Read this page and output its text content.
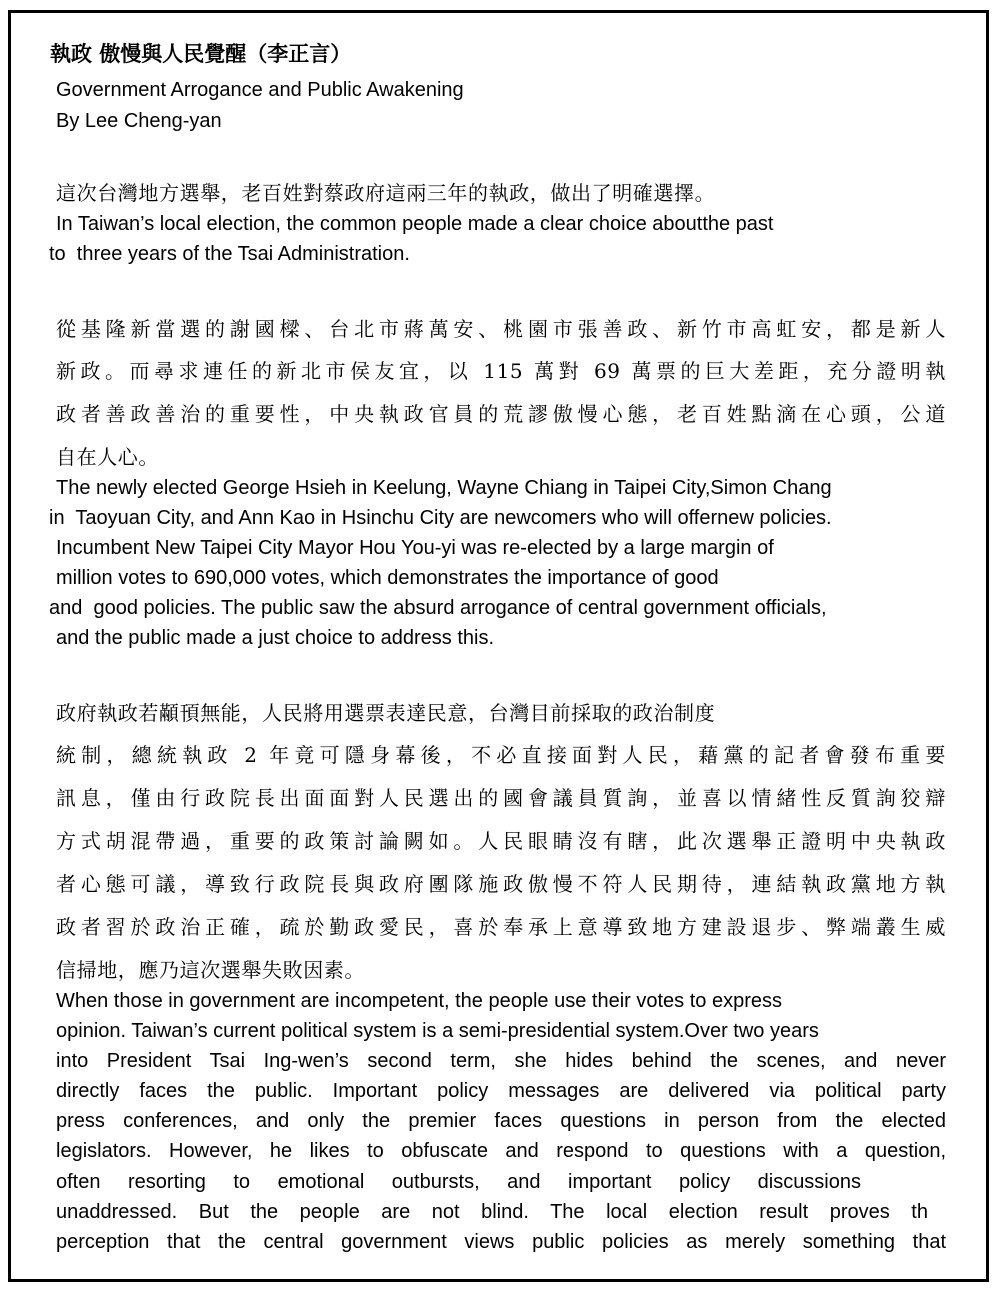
執政 傲慢與人民覺醒（李正言）
Government Arrogance and Public Awakening
By Lee Cheng-yan
這次台灣地方選舉，老百姓對蔡政府這兩三年的執政，做出了明確選擇。
In Taiwan’s local election, the common people made a clear choice aboutthe past
to  three years of the Tsai Administration.
從基隆新當選的謝國樑、台北市蔣萬安、桃園市張善政、新竹市高虹安，都是新人
新政。而尋求連任的新北市侯友宜，以 115 萬對 69 萬票的巨大差距，充分證明執
政者善政善治的重要性，中央執政官員的荒謬傲慢心態，老百姓點滴在心頭，公道
自在人心。
The newly elected George Hsieh in Keelung, Wayne Chiang in Taipei City,Simon Chang
in  Taoyuan City, and Ann Kao in Hsinchu City are newcomers who will offernew policies.
Incumbent New Taipei City Mayor Hou You-yi was re-elected by a large margin of
million votes to 690,000 votes, which demonstrates the importance of good
and  good policies. The public saw the absurd arrogance of central government officials,
and the public made a just choice to address this.
政府執政若顢頇無能，人民將用選票表達民意，台灣目前採取的政治制度
統制，總統執政 2 年竟可隱身幕後，不必直接面對人民，藉黨的記者會發布重要
訊息，僅由行政院長出面面對人民選出的國會議員質詢，並喜以情緒性反質詢狡辯
方式胡混帶過，重要的政策討論闕如。人民眼睛沒有瞎，此次選舉正證明中央執政
者心態可議，導致行政院長與政府團隊施政傲慢不符人民期待，連結執政黨地方執
政者習於政治正確，疏於勤政愛民，喜於奉承上意導致地方建設退步、弊端叢生威
信掃地，應乃這次選舉失敗因素。
When those in government are incompetent, the people use their votes to express
opinion. Taiwan’s current political system is a semi-presidential system.Over two years
into President Tsai Ing-wen’s second term, she hides behind the scenes, and never
directly faces the public. Important policy messages are delivered via political party
press conferences, and only the premier faces questions in person from the elected
legislators. However, he likes to obfuscate and respond to questions with a question,
often resorting to emotional outbursts, and important policy discussions
unaddressed. But the people are not blind. The local election result proves th
perception that the central government views public policies as merely something that
